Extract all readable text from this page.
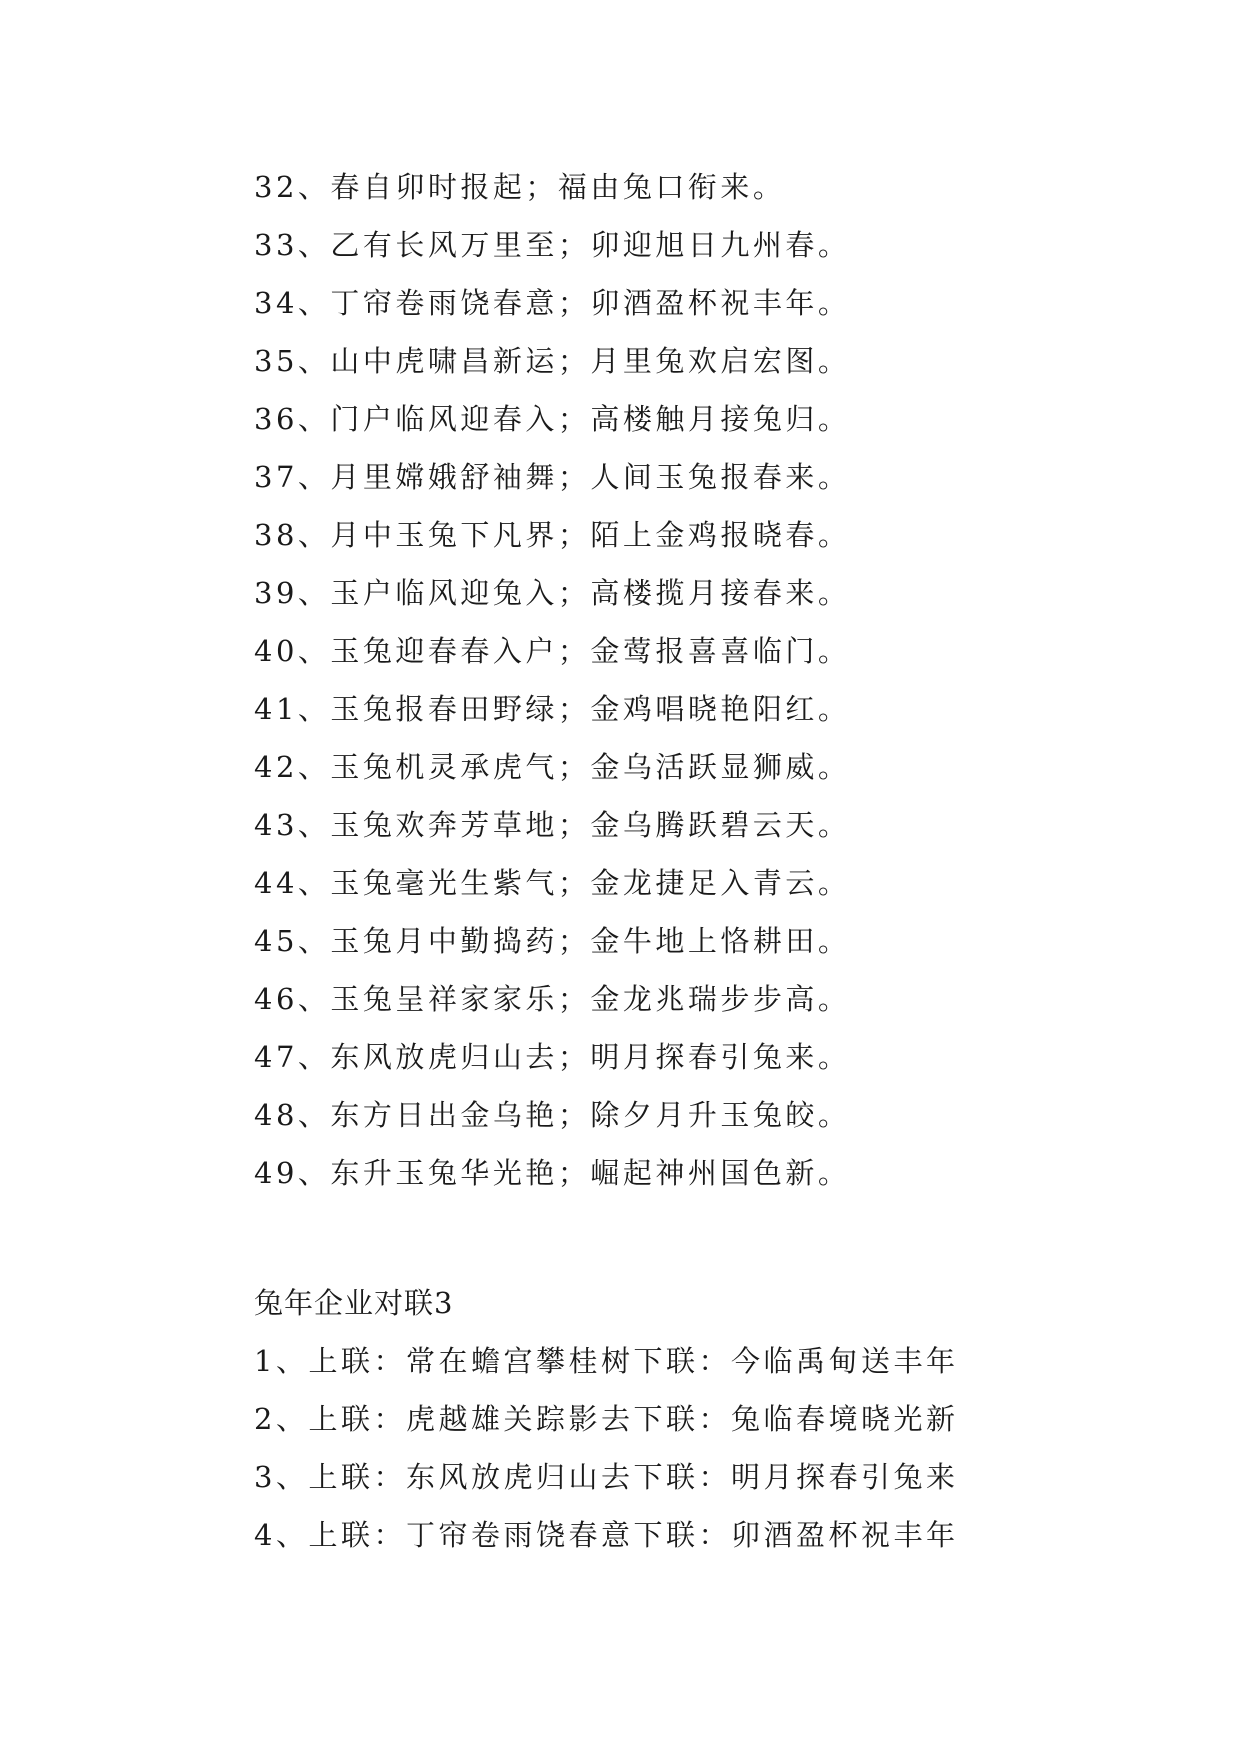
32、春自卯时报起；福由兔口衔来。
33、乙有长风万里至；卯迎旭日九州春。
34、丁帘卷雨饶春意；卯酒盈杯祝丰年。
35、山中虎啸昌新运；月里兔欢启宏图。
36、门户临风迎春入；高楼触月接兔归。
37、月里嫦娥舒袖舞；人间玉兔报春来。
38、月中玉兔下凡界；陌上金鸡报晓春。
39、玉户临风迎兔入；高楼揽月接春来。
40、玉兔迎春春入户；金莺报喜喜临门。
41、玉兔报春田野绿；金鸡唱晓艳阳红。
42、玉兔机灵承虎气；金乌活跃显狮威。
43、玉兔欢奔芳草地；金乌腾跃碧云天。
44、玉兔毫光生紫气；金龙捷足入青云。
45、玉兔月中勤捣药；金牛地上恪耕田。
46、玉兔呈祥家家乐；金龙兆瑞步步高。
47、东风放虎归山去；明月探春引兔来。
48、东方日出金乌艳；除夕月升玉兔皎。
49、东升玉兔华光艳；崛起神州国色新。
兔年企业对联3
1、上联：常在蟾宫攀桂树下联：今临禹甸送丰年
2、上联：虎越雄关踪影去下联：兔临春境晓光新
3、上联：东风放虎归山去下联：明月探春引兔来
4、上联：丁帘卷雨饶春意下联：卯酒盈杯祝丰年
